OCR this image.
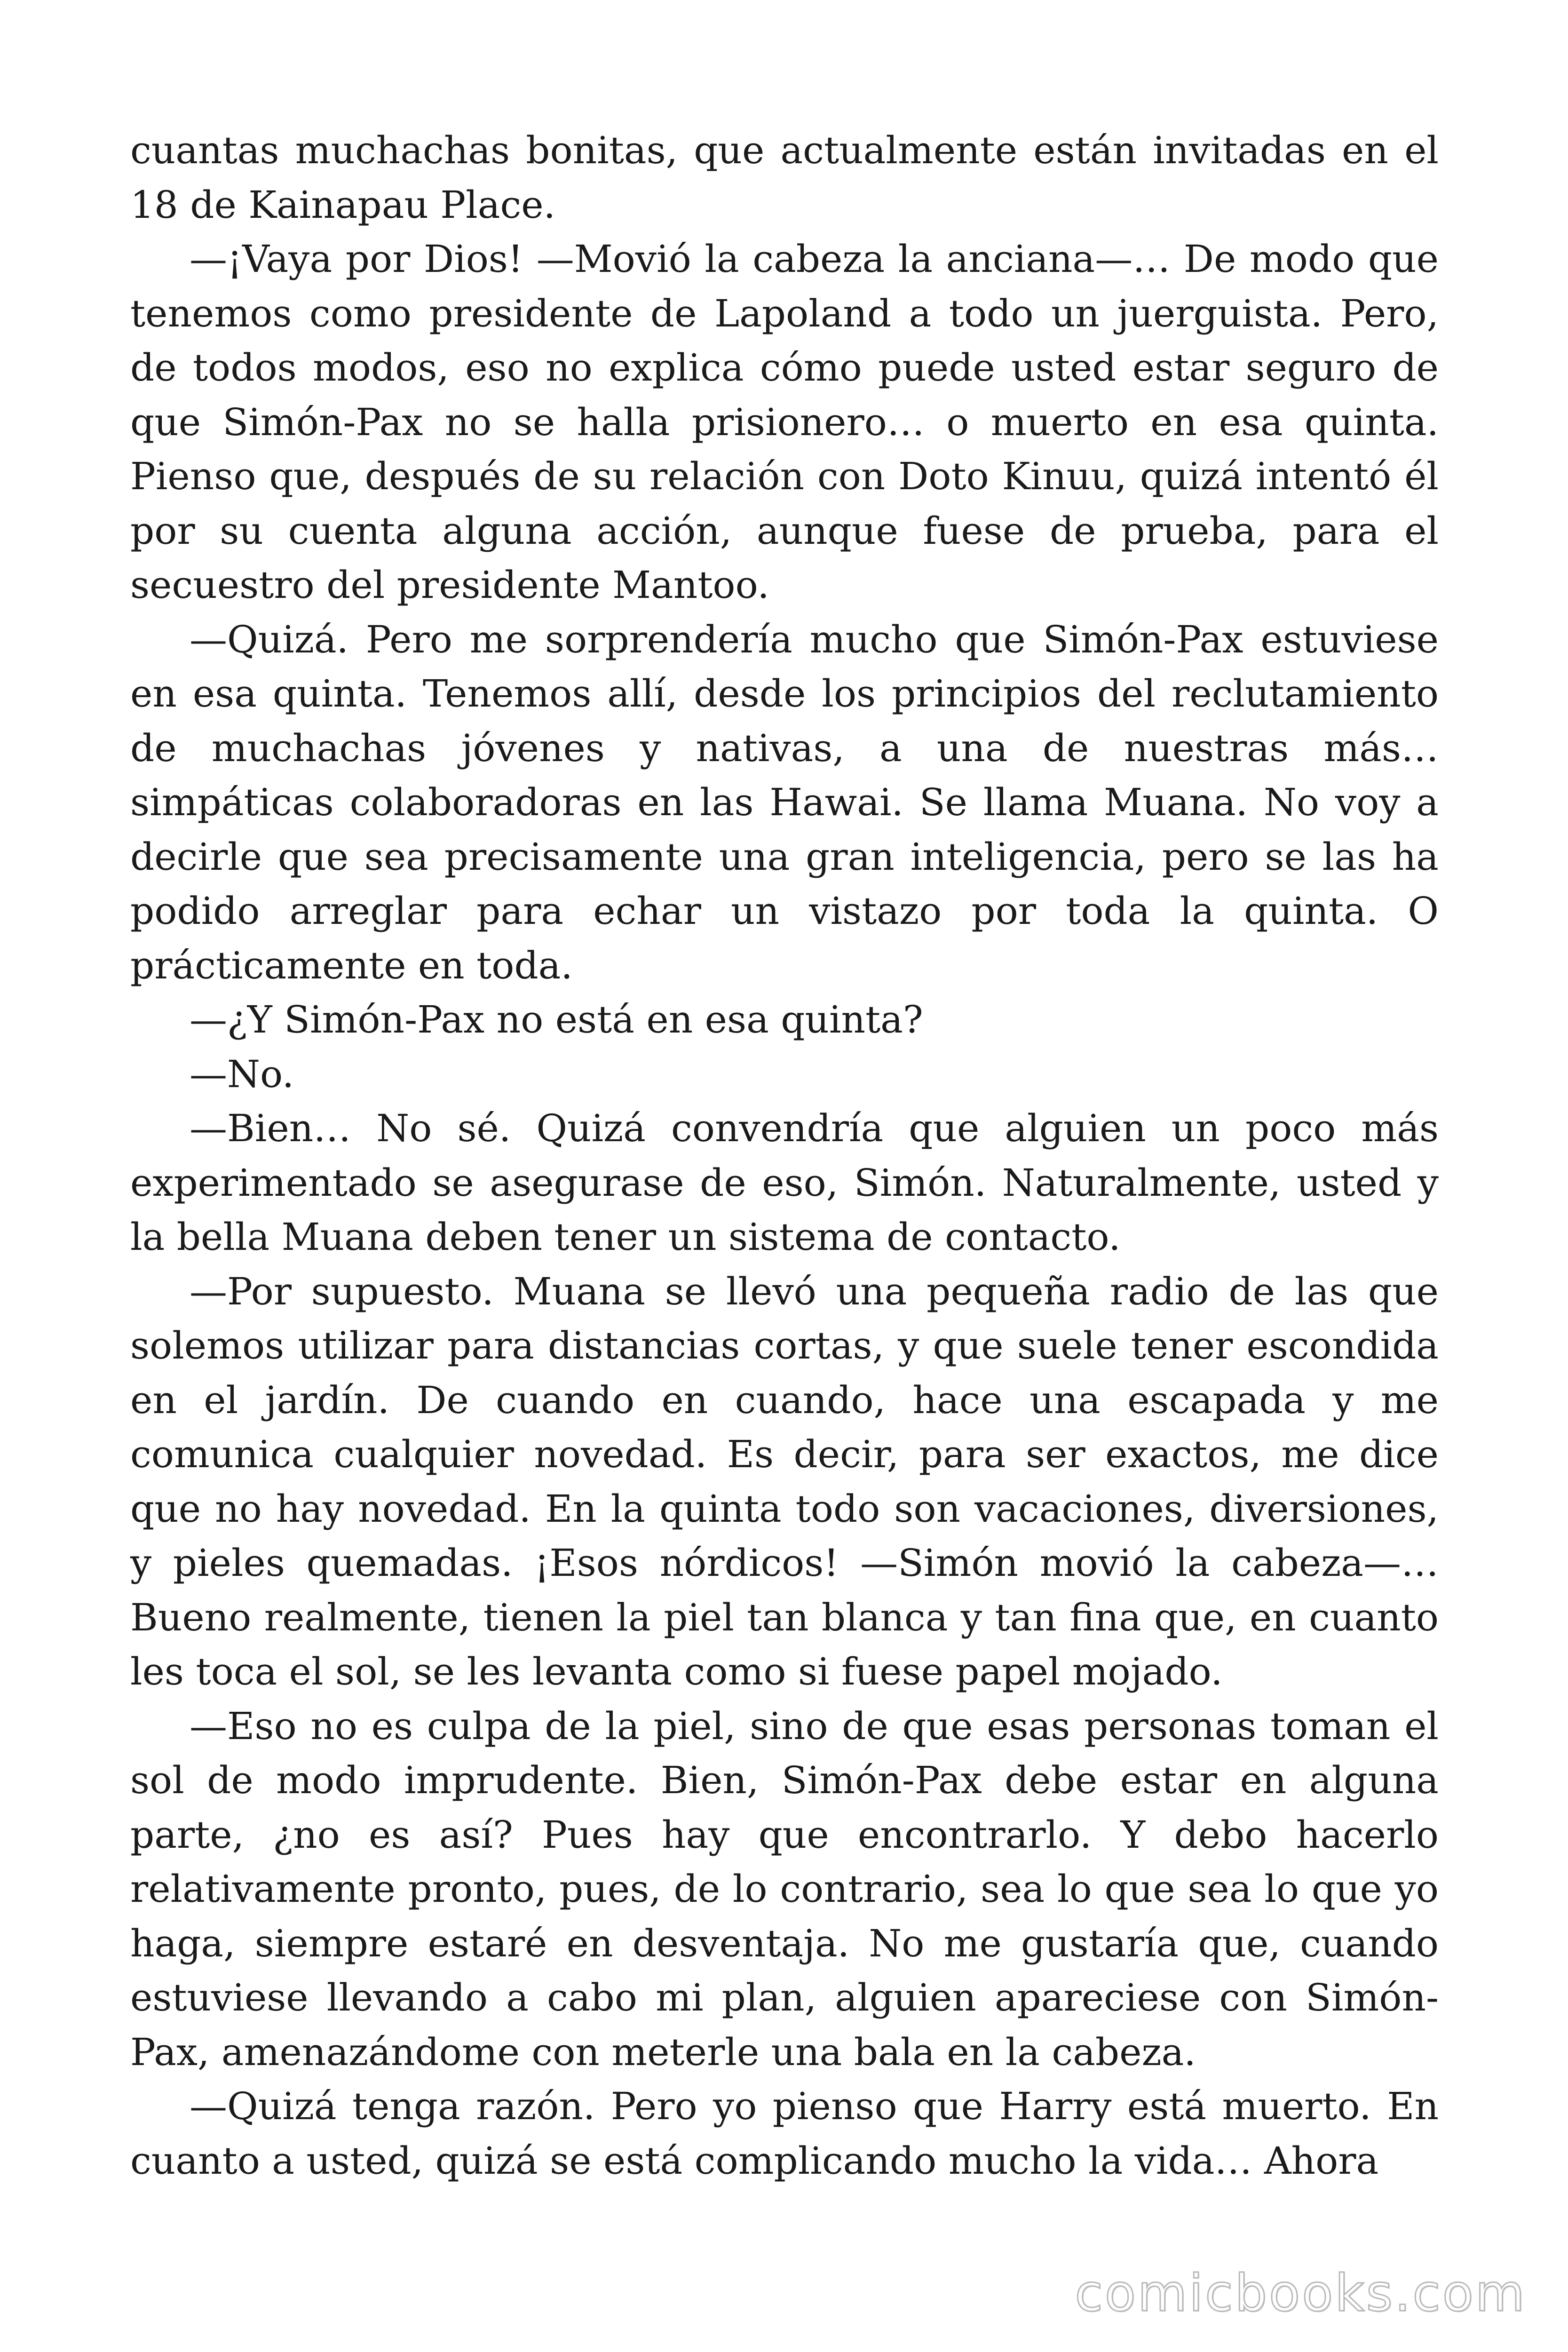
cuantas muchachas bonitas, que actualmente están invitadas en el 18 de Kainapau Place.

—¡Vaya por Dios! —Movió la cabeza la anciana—… De modo que tenemos como presidente de Lapoland a todo un juerguista. Pero, de todos modos, eso no explica cómo puede usted estar seguro de que Simón-Pax no se halla prisionero… o muerto en esa quinta. Pienso que, después de su relación con Doto Kinuu, quizá intentó él por su cuenta alguna acción, aunque fuese de prueba, para el secuestro del presidente Mantoo.

—Quizá. Pero me sorprendería mucho que Simón-Pax estuviese en esa quinta. Tenemos allí, desde los principios del reclutamiento de muchachas jóvenes y nativas, a una de nuestras más… simpáticas colaboradoras en las Hawai. Se llama Muana. No voy a decirle que sea precisamente una gran inteligencia, pero se las ha podido arreglar para echar un vistazo por toda la quinta. O prácticamente en toda.

—¿Y Simón-Pax no está en esa quinta?

—No.

—Bien… No sé. Quizá convendría que alguien un poco más experimentado se asegurase de eso, Simón. Naturalmente, usted y la bella Muana deben tener un sistema de contacto.

—Por supuesto. Muana se llevó una pequeña radio de las que solemos utilizar para distancias cortas, y que suele tener escondida en el jardín. De cuando en cuando, hace una escapada y me comunica cualquier novedad. Es decir, para ser exactos, me dice que no hay novedad. En la quinta todo son vacaciones, diversiones, y pieles quemadas. ¡Esos nórdicos! —Simón movió la cabeza—… Bueno realmente, tienen la piel tan blanca y tan fina que, en cuanto les toca el sol, se les levanta como si fuese papel mojado.

—Eso no es culpa de la piel, sino de que esas personas toman el sol de modo imprudente. Bien, Simón-Pax debe estar en alguna parte, ¿no es así? Pues hay que encontrarlo. Y debo hacerlo relativamente pronto, pues, de lo contrario, sea lo que sea lo que yo haga, siempre estaré en desventaja. No me gustaría que, cuando estuviese llevando a cabo mi plan, alguien apareciese con Simón-Pax, amenazándome con meterle una bala en la cabeza.

—Quizá tenga razón. Pero yo pienso que Harry está muerto. En cuanto a usted, quizá se está complicando mucho la vida… Ahora

comicbooks.com
